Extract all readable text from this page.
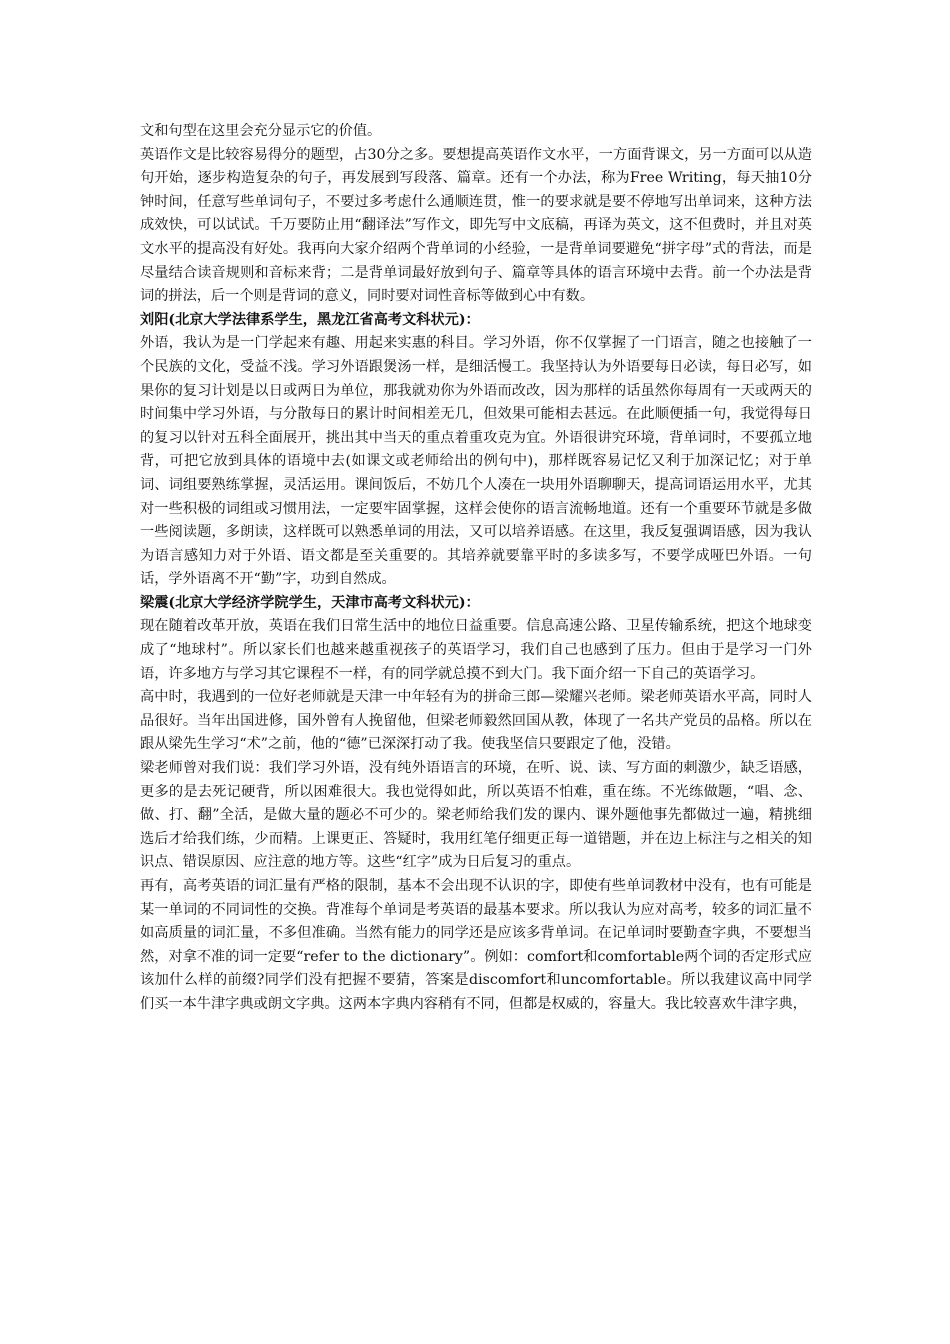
文和句型在这里会充分显示它的价值。

英语作文是比较容易得分的题型，占30分之多。要想提高英语作文水平，一方面背课文，另一方面可以从造句开始，逐步构造复杂的句子，再发展到写段落、篇章。还有一个办法，称为Free Writing，每天抽10分钟时间，任意写些单词句子，不要过多考虑什么通顺连贯，惟一的要求就是要不停地写出单词来，这种方法成效快，可以试试。千万要防止用“翻译法”写作文，即先写中文底稿，再译为英文，这不但费时，并且对英文水平的提高没有好处。我再向大家介绍两个背单词的小经验，一是背单词要避免“拼字母”式的背法，而是尽量结合读音规则和音标来背；二是背单词最好放到句子、篇章等具体的语言环境中去背。前一个办法是背词的拼法，后一个则是背词的意义，同时要对词性音标等做到心中有数。

刘阳(北京大学法律系学生，黑龙江省高考文科状元)：

外语，我认为是一门学起来有趣、用起来实惠的科目。学习外语，你不仅掌握了一门语言，随之也接触了一个民族的文化，受益不浅。学习外语跟煲汤一样，是细活慢工。我坚持认为外语要每日必读，每日必写，如果你的复习计划是以日或两日为单位，那我就劝你为外语而改改，因为那样的话虽然你每周有一天或两天的时间集中学习外语，与分散每日的累计时间相差无几，但效果可能相去甚远。在此顺便插一句，我觉得每日的复习以针对五科全面展开，挑出其中当天的重点着重攻克为宜。外语很讲究环境，背单词时，不要孤立地背，可把它放到具体的语境中去(如课文或老师给出的例句中)，那样既容易记忆又利于加深记忆；对于单词、词组要熟练掌握，灵活运用。课间饭后，不妨几个人凑在一块用外语聊聊天，提高词语运用水平，尤其对一些积极的词组或习惯用法，一定要牢固掌握，这样会使你的语言流畅地道。还有一个重要环节就是多做一些阅读题，多朗读，这样既可以熟悉单词的用法，又可以培养语感。在这里，我反复强调语感，因为我认为语言感知力对于外语、语文都是至关重要的。其培养就要靠平时的多读多写，不要学成哑巴外语。一句话，学外语离不开“勤”字，功到自然成。

梁震(北京大学经济学院学生，天津市高考文科状元)：

现在随着改革开放，英语在我们日常生活中的地位日益重要。信息高速公路、卫星传输系统，把这个地球变成了“地球村”。所以家长们也越来越重视孩子的英语学习，我们自己也感到了压力。但由于是学习一门外语，许多地方与学习其它课程不一样，有的同学就总摸不到大门。我下面介绍一下自己的英语学习。

高中时，我遇到的一位好老师就是天津一中年轻有为的拼命三郎—梁耀兴老师。梁老师英语水平高，同时人品很好。当年出国进修，国外曾有人挽留他，但梁老师毅然回国从教，体现了一名共产党员的品格。所以在跟从梁先生学习“术”之前，他的“德”已深深打动了我。使我坚信只要跟定了他，没错。

梁老师曾对我们说：我们学习外语，没有纯外语语言的环境，在听、说、读、写方面的刺激少，缺乏语感，更多的是去死记硬背，所以困难很大。我也觉得如此，所以英语不怕难，重在练。不光练做题，“唱、念、做、打、翻”全活，是做大量的题必不可少的。梁老师给我们发的课内、课外题他事先都做过一遍，精挑细选后才给我们练，少而精。上课更正、答疑时，我用红笔仔细更正每一道错题，并在边上标注与之相关的知识点、错误原因、应注意的地方等。这些“红字”成为日后复习的重点。

再有，高考英语的词汇量有严格的限制，基本不会出现不认识的字，即使有些单词教材中没有，也有可能是某一单词的不同词性的交换。背准每个单词是考英语的最基本要求。所以我认为应对高考，较多的词汇量不如高质量的词汇量，不多但准确。当然有能力的同学还是应该多背单词。在记单词时要勤查字典，不要想当然，对拿不准的词一定要“refer to the dictionary”。例如：comfort和comfortable两个词的否定形式应该加什么样的前缀?同学们没有把握不要猜，答案是discomfort和uncomfortable。所以我建议高中同学们买一本牛津字典或朗文字典。这两本字典内容稍有不同，但都是权威的，容量大。我比较喜欢牛津字典，
